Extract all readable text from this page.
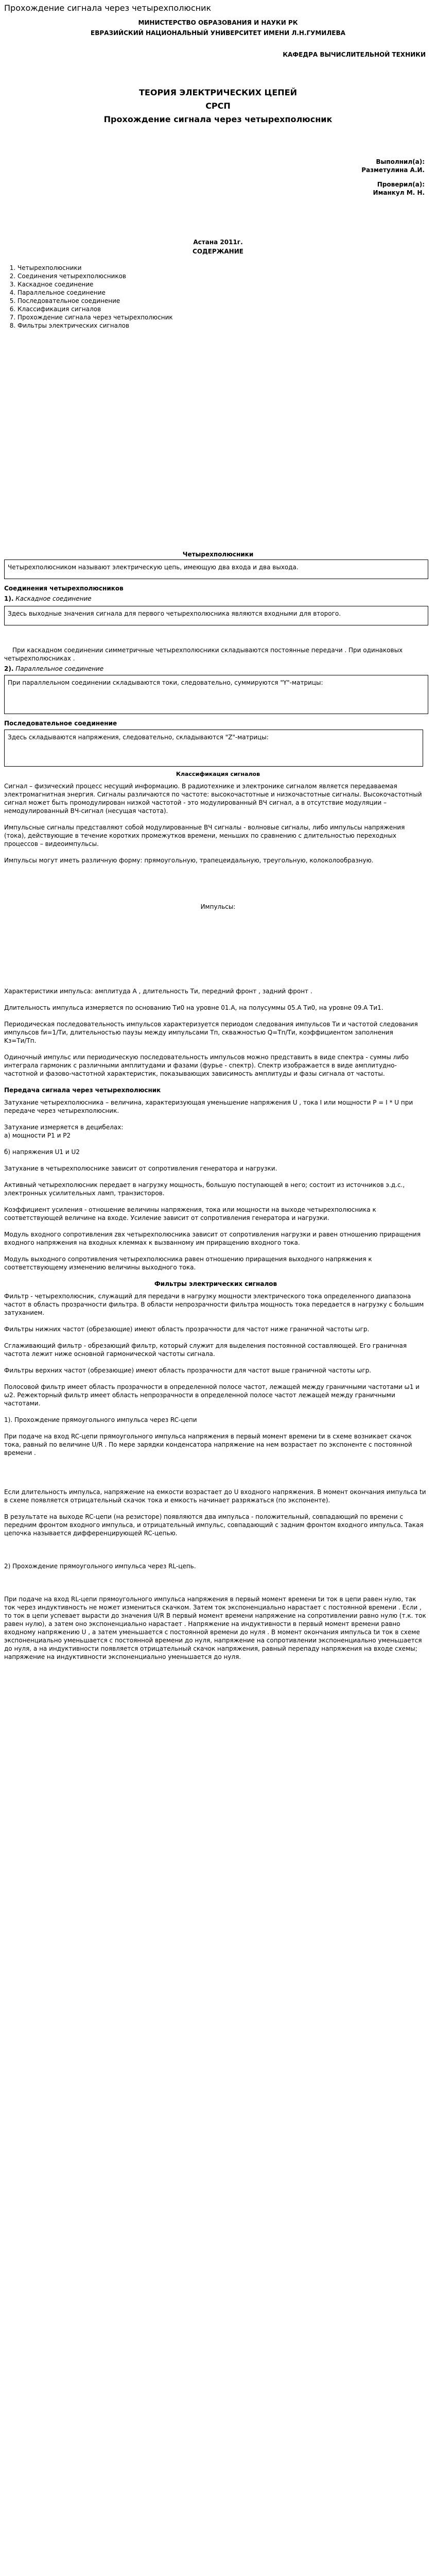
Прохождение сигнала через четырехполюсник
МИНИСТЕРСТВО ОБРАЗОВАНИЯ И НАУКИ РК
ЕВРАЗИЙСКИЙ НАЦИОНАЛЬНЫЙ УНИВЕРСИТЕТ ИМЕНИ Л.Н.ГУМИЛЕВА
КАФЕДРА ВЫЧИСЛИТЕЛЬНОЙ ТЕХНИКИ
ТЕОРИЯ ЭЛЕКТРИЧЕСКИХ ЦЕПЕЙ
СРСП
Прохождение сигнала через четырехполюсник
Выполнил(а):
Разметулина А.И.
Проверил(а):
Иманкул М. Н.
Астана 2011г.
СОДЕРЖАНИЕ
1. Четырехполюсники
2. Соединения четырехполюсников
3. Каскадное соединение
4. Параллельное соединение
5. Последовательное соединение
6. Классификация сигналов
7. Прохождение сигнала через четырехполюсник
8. Фильтры электрических сигналов
Четырехполюсники
Четырехполюсником называют электрическую цепь, имеющую два входа и два выхода.
Соединения четырехполюсников
1). Каскадное соединение
Здесь выходные значения сигнала для первого четырехполюсника являются входными для второго.
При каскадном соединении симметричные четырехполюсники складываются постоянные передачи . При одинаковых четырехполюсниках .
2). Параллельное соединение
При параллельном соединении складываются токи, следовательно, суммируются "Y"-матрицы:
Последовательное соединение
Здесь складываются напряжения, следовательно, складываются "Z"-матрицы:
Классификация сигналов

Сигнал – физический процесс несущий информацию. В радиотехнике и электронике сигналом является передаваемая электромагнитная энергия. Сигналы различаются по частоте: высокочастотные и низкочастотные сигналы. Высокочастотный сигнал может быть промодулирован низкой частотой - это модулированный ВЧ сигнал, а в отсутствие модуляции – немодулированный ВЧ-сигнал (несущая частота).

Импульсные сигналы представляют собой модулированные ВЧ сигналы - волновые сигналы, либо импульсы напряжения (тока), действующие в течение коротких промежутков времени, меньших по сравнению с длительностью переходных процессов – видеоимпульсы.

Импульсы могут иметь различную форму: прямоугольную, трапецеидальную, треугольную, колоколообразную.

Импульсы:

Характеристики импульса: амплитуда A , длительность Tи, передний фронт , задний фронт .

Длительность импульса измеряется по основанию Tи0 на уровне 01.A, на полусуммы 05.A Tи0, на уровне 09.A Tи1.

Периодическая последовательность импульсов характеризуется периодом следования импульсов Tи и частотой следования импульсов fи=1/Tи, длительностью паузы между импульсами Tп, скважностью Q=Tп/Tи, коэффициентом заполнения Kз=Tи/Tп.

Одиночный импульс или периодическую последовательность импульсов можно представить в виде спектра - суммы либо интеграла гармоник с различными амплитудами и фазами (фурье - спектр). Спектр изображается в виде амплитудно-частотной и фазово-частотной характеристик, показывающих зависимость амплитуды и фазы сигнала от частоты.

Передача сигнала через четырехполюсник

Затухание четырехполюсника – величина, характеризующая уменьшение напряжения U , тока I или мощности P = I * U при передаче через четырехполюсник.

Затухание измеряется в децибелах:

а) мощности P1 и P2

б) напряжения U1 и U2

Затухание в четырехполюснике зависит от сопротивления генератора и нагрузки.

Активный четырехполюсник передает в нагрузку мощность, большую поступающей в него; состоит из источников э.д.с., электронных усилительных ламп, транзисторов.

Коэффициент усиления - отношение величины напряжения, тока или мощности на выходе четырехполюсника к соответствующей величине на входе. Усиление зависит от сопротивления генератора и нагрузки.

Модуль входного сопротивления zвх четырехполюсника зависит от сопротивления нагрузки и равен отношению приращения входного напряжения на входных клеммах к вызванному им приращению входного тока.

Модуль выходного сопротивления четырехполюсника равен отношению приращения выходного напряжения к соответствующему изменению величины выходного тока.

Фильтры электрических сигналов

Фильтр - четырехполюсник, служащий для передачи в нагрузку мощности электрического тока определенного диапазона частот в область прозрачности фильтра. В области непрозрачности фильтра мощность тока передается в нагрузку с большим затуханием.

Фильтры нижних частот (обрезающие) имеют область прозрачности для частот ниже граничной частоты ωгр.

Сглаживающий фильтр - обрезающий фильтр, который служит для выделения постоянной составляющей. Его граничная частота лежит ниже основной гармонической частоты сигнала.

Фильтры верхних частот (обрезающие) имеют область прозрачности для частот выше граничной частоты ωгр.

Полосовой фильтр имеет область прозрачности в определенной полосе частот, лежащей между граничными частотами ω1 и ω2. Режекторный фильтр имеет область непрозрачности в определенной полосе частот лежащей между граничными частотами.

1). Прохождение прямоугольного импульса через RC-цепи

При подаче на вход RC-цепи прямоугольного импульса напряжения в первый момент времени tи в схеме возникает скачок тока, равный по величине U/R . По мере зарядки конденсатора напряжение на нем возрастает по экспоненте с постоянной времени .

Если длительность импульса, напряжение на емкости возрастает до U входного напряжения. В момент окончания импульса tи в схеме появляется отрицательный скачок тока и емкость начинает разряжаться (по экспоненте).

В результате на выходе RC-цепи (на резисторе) появляются два импульса - положительный, совпадающий по времени с передним фронтом входного импульса, и отрицательный импульс, совпадающий с задним фронтом входного импульса. Такая цепочка называется дифференцирующей RC-цепью.

2) Прохождение прямоугольного импульса через RL-цепь.

При подаче на вход RL-цепи прямоугольного импульса напряжения в первый момент времени tи ток в цепи равен нулю, так ток через индуктивность не может измениться скачком. Затем ток экспоненциально нарастает с постоянной времени . Если , то ток в цепи успевает вырасти до значения U/R В первый момент времени напряжение на сопротивлении равно нулю (т.к. ток равен нулю), а затем оно экспоненциально нарастает . Напряжение на индуктивности в первый момент времени равно входному напряжению U , а затем уменьшается с постоянной времени до нуля . В момент окончания импульса tи ток в схеме экспоненциально уменьшается с постоянной времени до нуля, напряжение на сопротивлении экспоненциально уменьшается до нуля, а на индуктивности появляется отрицательный скачок напряжения, равный перепаду напряжения на входе схемы; напряжение на индуктивности экспоненциально уменьшается до нуля.
